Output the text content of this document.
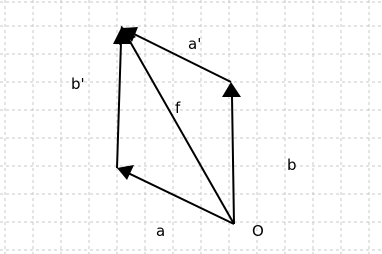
a'
b'
f
b
a	O
